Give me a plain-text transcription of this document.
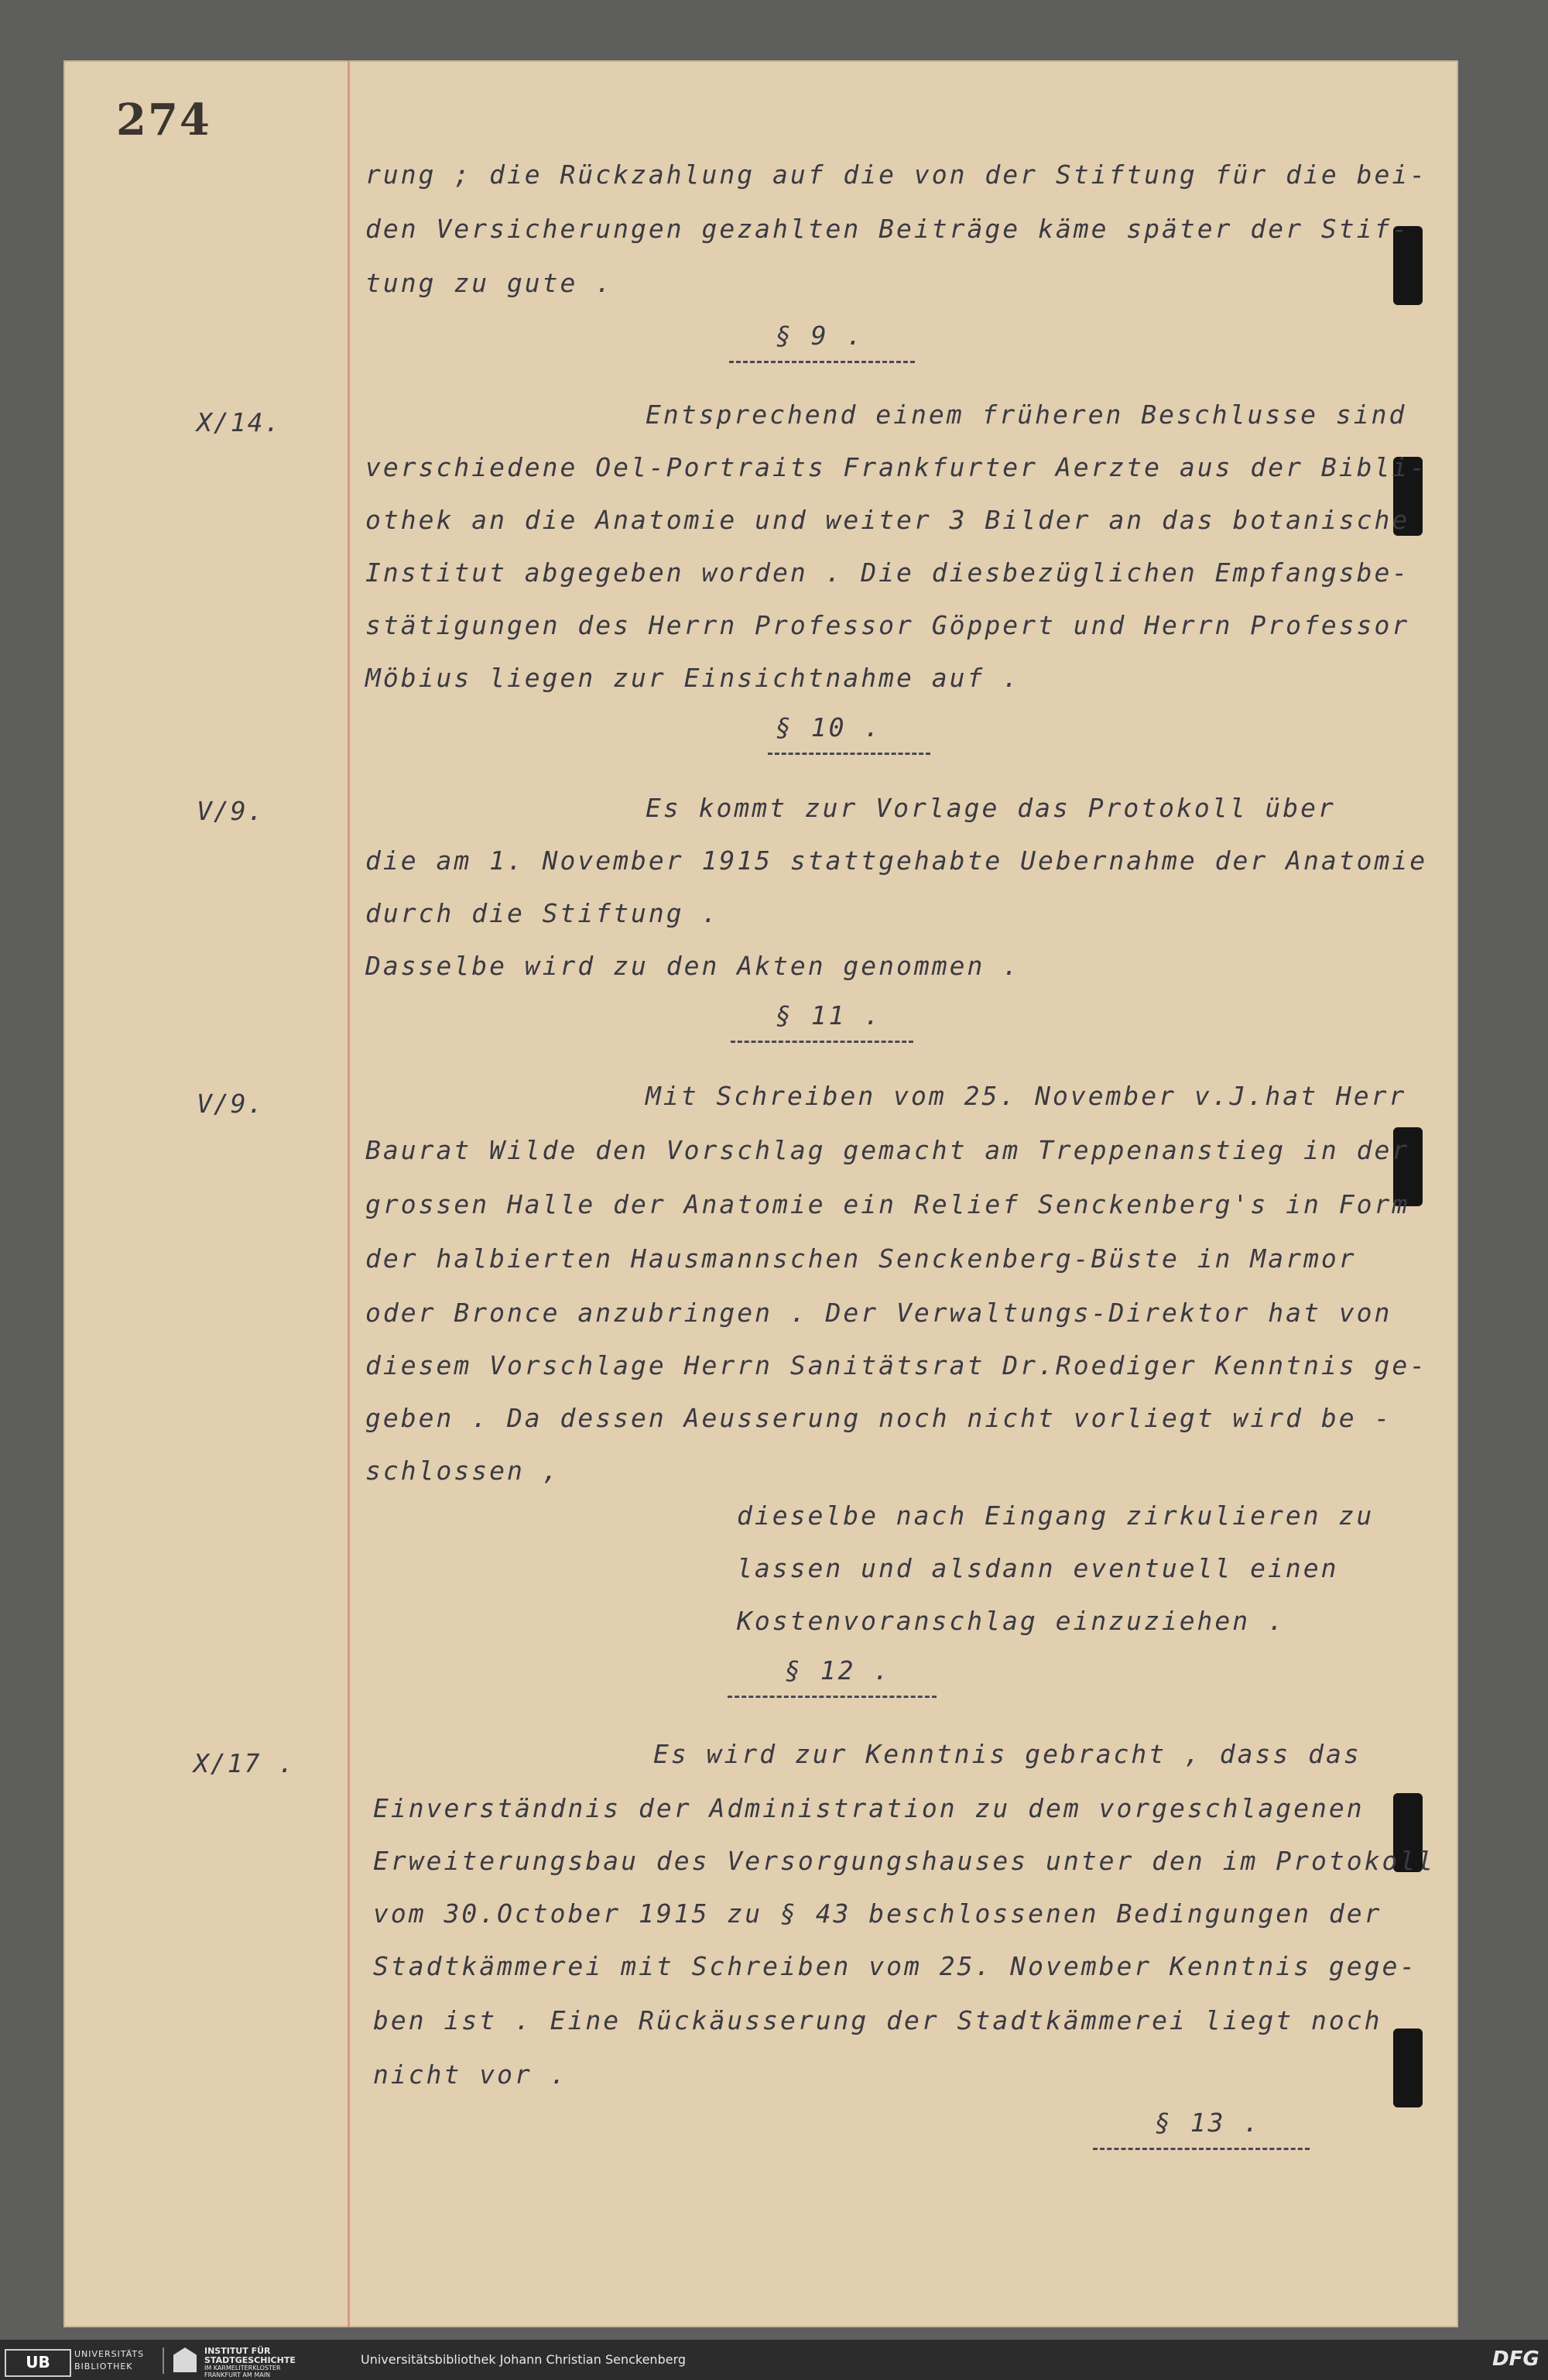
274
X/14.
V/9.
V/9.
X/17 .
rung ; die Rückzahlung auf die von der Stiftung für die bei-
den Versicherungen gezahlten Beiträge käme später der Stif-
tung zu gute .
§ 9 .
Entsprechend einem früheren Beschlusse sind
verschiedene Oel-Portraits Frankfurter Aerzte aus der Bibli-
othek an die Anatomie und weiter 3 Bilder an das botanische
Institut abgegeben worden . Die diesbezüglichen Empfangsbe-
stätigungen des Herrn Professor Göppert und Herrn Professor
Möbius liegen zur Einsichtnahme auf .
§ 10 .
Es kommt zur Vorlage das Protokoll über
die am 1. November 1915 stattgehabte Uebernahme der Anatomie
durch die Stiftung .
Dasselbe wird zu den Akten genommen .
§ 11 .
Mit Schreiben vom 25. November v.J.hat Herr
Baurat Wilde den Vorschlag gemacht am Treppenanstieg in der
grossen Halle der Anatomie ein Relief Senckenberg's in Form
der halbierten Hausmannschen Senckenberg-Büste in Marmor
oder Bronce anzubringen . Der Verwaltungs-Direktor hat von
diesem Vorschlage Herrn Sanitätsrat Dr.Roediger Kenntnis ge-
geben . Da dessen Aeusserung noch nicht vorliegt wird be -
schlossen ,
dieselbe nach Eingang zirkulieren zu
lassen und alsdann eventuell einen
Kostenvoranschlag einzuziehen .
§ 12 .
Es wird zur Kenntnis gebracht , dass das
Einverständnis der Administration zu dem vorgeschlagenen
Erweiterungsbau des Versorgungshauses unter den im Protokoll
vom 30.October 1915 zu § 43 beschlossenen Bedingungen der
Stadtkämmerei mit Schreiben vom 25. November Kenntnis gege-
ben ist . Eine Rückäusserung der Stadtkämmerei liegt noch
nicht vor .
§ 13 .
UB	UNIVERSITÄTS
BIBLIOTHEK
INSTITUT FÜR
STADTGESCHICHTE
IM KARMELITERKLOSTER
FRANKFURT AM MAIN
Universitätsbibliothek Johann Christian Senckenberg	DFG
